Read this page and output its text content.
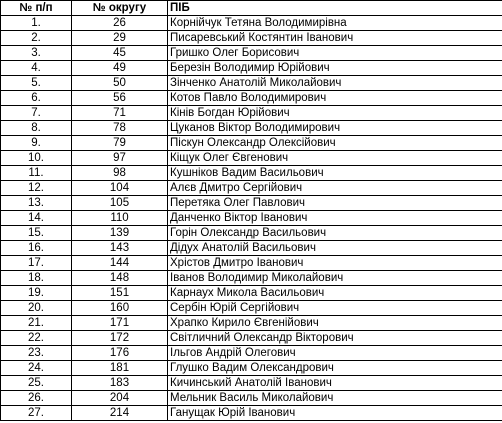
№ п/п	№ округу	ПІБ
1.	26	Корнійчук Тетяна Володимирівна
2.	29	Писаревський Костянтин Іванович
3.	45	Гришко Олег Борисович
4.	49	Березін Володимир Юрійович
5.	50	Зінченко Анатолій Миколайович
6.	56	Котов Павло Володимирович
7.	71	Кінів Богдан Юрійович
8.	78	Цуканов Віктор Володимирович
9.	79	Піскун Олександр Олексійович
10.	97	Кіщук Олег Євгенович
11.	98	Кушніков Вадим Васильович
12.	104	Алєв Дмитро Сергійович
13.	105	Перетяка Олег Павлович
14.	110	Данченко Віктор Іванович
15.	139	Горін Олександр Васильович
16.	143	Дідух Анатолій Васильович
17.	144	Хрістов Дмитро Іванович
18.	148	Іванов Володимир Миколайович
19.	151	Карнаух Микола Васильович
20.	160	Сербін Юрій Сергійович
21.	171	Храпко Кирило Євгенійович
22.	172	Світличний Олександр Вікторович
23.	176	Ільгов Андрій Олегович
24.	181	Глушко Вадим Олександрович
25.	183	Кичинський Анатолій Іванович
26.	204	Мельник Василь Миколайович
27.	214	Ганущак Юрій Іванович
